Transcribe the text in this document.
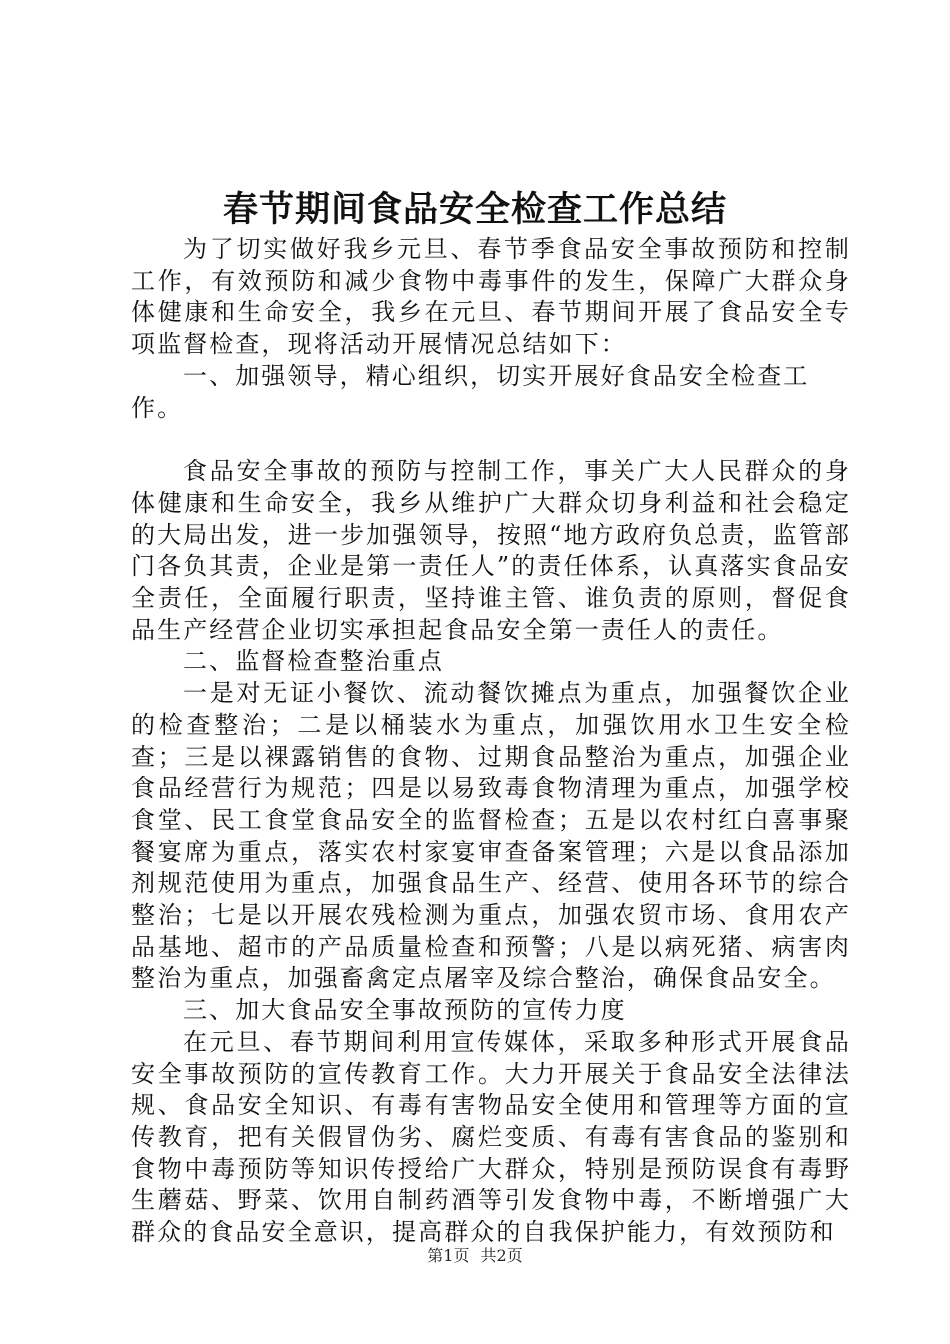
春节期间食品安全检查工作总结

为了切实做好我乡元旦、春节季食品安全事故预防和控制工作，有效预防和减少食物中毒事件的发生，保障广大群众身体健康和生命安全，我乡在元旦、春节期间开展了食品安全专项监督检查，现将活动开展情况总结如下：

一、加强领导，精心组织，切实开展好食品安全检查工作。

食品安全事故的预防与控制工作，事关广大人民群众的身体健康和生命安全，我乡从维护广大群众切身利益和社会稳定的大局出发，进一步加强领导，按照“地方政府负总责，监管部门各负其责，企业是第一责任人”的责任体系，认真落实食品安全责任，全面履行职责，坚持谁主管、谁负责的原则，督促食品生产经营企业切实承担起食品安全第一责任人的责任。

二、监督检查整治重点

一是对无证小餐饮、流动餐饮摊点为重点，加强餐饮企业的检查整治；二是以桶装水为重点，加强饮用水卫生安全检查；三是以裸露销售的食物、过期食品整治为重点，加强企业食品经营行为规范；四是以易致毒食物清理为重点，加强学校食堂、民工食堂食品安全的监督检查；五是以农村红白喜事聚餐宴席为重点，落实农村家宴审查备案管理；六是以食品添加剂规范使用为重点，加强食品生产、经营、使用各环节的综合整治；七是以开展农残检测为重点，加强农贸市场、食用农产品基地、超市的产品质量检查和预警；八是以病死猪、病害肉整治为重点，加强畜禽定点屠宰及综合整治，确保食品安全。

三、加大食品安全事故预防的宣传力度

在元旦、春节期间利用宣传媒体，采取多种形式开展食品安全事故预防的宣传教育工作。大力开展关于食品安全法律法规、食品安全知识、有毒有害物品安全使用和管理等方面的宣传教育，把有关假冒伪劣、腐烂变质、有毒有害食品的鉴别和食物中毒预防等知识传授给广大群众，特别是预防误食有毒野生蘑菇、野菜、饮用自制药酒等引发食物中毒，不断增强广大群众的食品安全意识，提高群众的自我保护能力，有效预防和

第1页 共2页
